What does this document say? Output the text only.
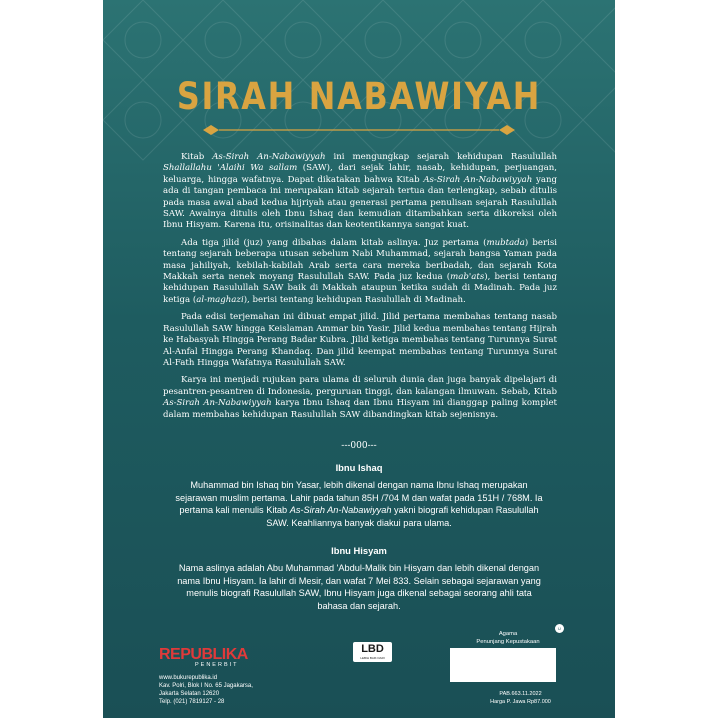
SIRAH NABAWIYAH

Kitab As-Sirah An-Nabawiyyah ini mengungkap sejarah kehidupan Rasulullah Shallallahu 'Alaihi Wa sallam (SAW), dari sejak lahir, nasab, kehidupan, perjuangan, keluarga, hingga wafatnya. Dapat dikatakan bahwa Kitab As-Sirah An-Nabawiyyah yang ada di tangan pembaca ini merupakan kitab sejarah tertua dan terlengkap, sebab ditulis pada masa awal abad kedua hijriyah atau generasi pertama penulisan sejarah Rasulullah SAW. Awalnya ditulis oleh Ibnu Ishaq dan kemudian ditambahkan serta dikoreksi oleh Ibnu Hisyam. Karena itu, orisinalitas dan keotentikannya sangat kuat.

Ada tiga jilid (juz) yang dibahas dalam kitab aslinya. Juz pertama (mubtada) berisi tentang sejarah beberapa utusan sebelum Nabi Muhammad, sejarah bangsa Yaman pada masa jahiliyah, kebilah-kabilah Arab serta cara mereka beribadah, dan sejarah Kota Makkah serta nenek moyang Rasulullah SAW. Pada juz kedua (mab'ats), berisi tentang kehidupan Rasulullah SAW baik di Makkah ataupun ketika sudah di Madinah. Pada juz ketiga (al-maghazi), berisi tentang kehidupan Rasulullah di Madinah.

Pada edisi terjemahan ini dibuat empat jilid. Jilid pertama membahas tentang nasab Rasulullah SAW hingga Keislaman Ammar bin Yasir. Jilid kedua membahas tentang Hijrah ke Habasyah Hingga Perang Badar Kubra. Jilid ketiga membahas tentang Turunnya Surat Al-Anfal Hingga Perang Khandaq. Dan jilid keempat membahas tentang Turunnya Surat Al-Fath Hingga Wafatnya Rasulullah SAW.

Karya ini menjadi rujukan para ulama di seluruh dunia dan juga banyak dipelajari di pesantren-pesantren di Indonesia, perguruan tinggi, dan kalangan ilmuwan. Sebab, Kitab As-Sirah An-Nabawiyyah karya Ibnu Ishaq dan Ibnu Hisyam ini dianggap paling komplet dalam membahas kehidupan Rasulullah SAW dibandingkan kitab sejenisnya.

---000---
Ibnu Ishaq

Muhammad bin Ishaq bin Yasar, lebih dikenal dengan nama Ibnu Ishaq merupakan sejarawan muslim pertama. Lahir pada tahun 85H /704 M dan wafat pada 151H / 768M. Ia pertama kali menulis Kitab As-Sirah An-Nabawiyyah yakni biografi kehidupan Rasulullah SAW. Keahliannya banyak diakui para ulama.

Ibnu Hisyam

Nama aslinya adalah Abu Muhammad 'Abdul-Malik bin Hisyam dan lebih dikenal dengan nama Ibnu Hisyam. Ia lahir di Mesir, dan wafat 7 Mei 833. Selain sebagai sejarawan yang menulis biografi Rasulullah SAW, Ibnu Hisyam juga dikenal sebagai seorang ahli tata bahasa dan sejarah.

REPUBLIKA
PENERBIT
www.bukurepublika.id
Kav. Polri, Blok I No. 65 Jagakarsa,
Jakarta Selatan 12620
Telp. (021) 7819127 - 28
LBD
LEBIH BAIK DARI
Agama
Penunjang Kepustakaan
U
PAB.663.11.2022
Harga P. Jawa Rp87.000
